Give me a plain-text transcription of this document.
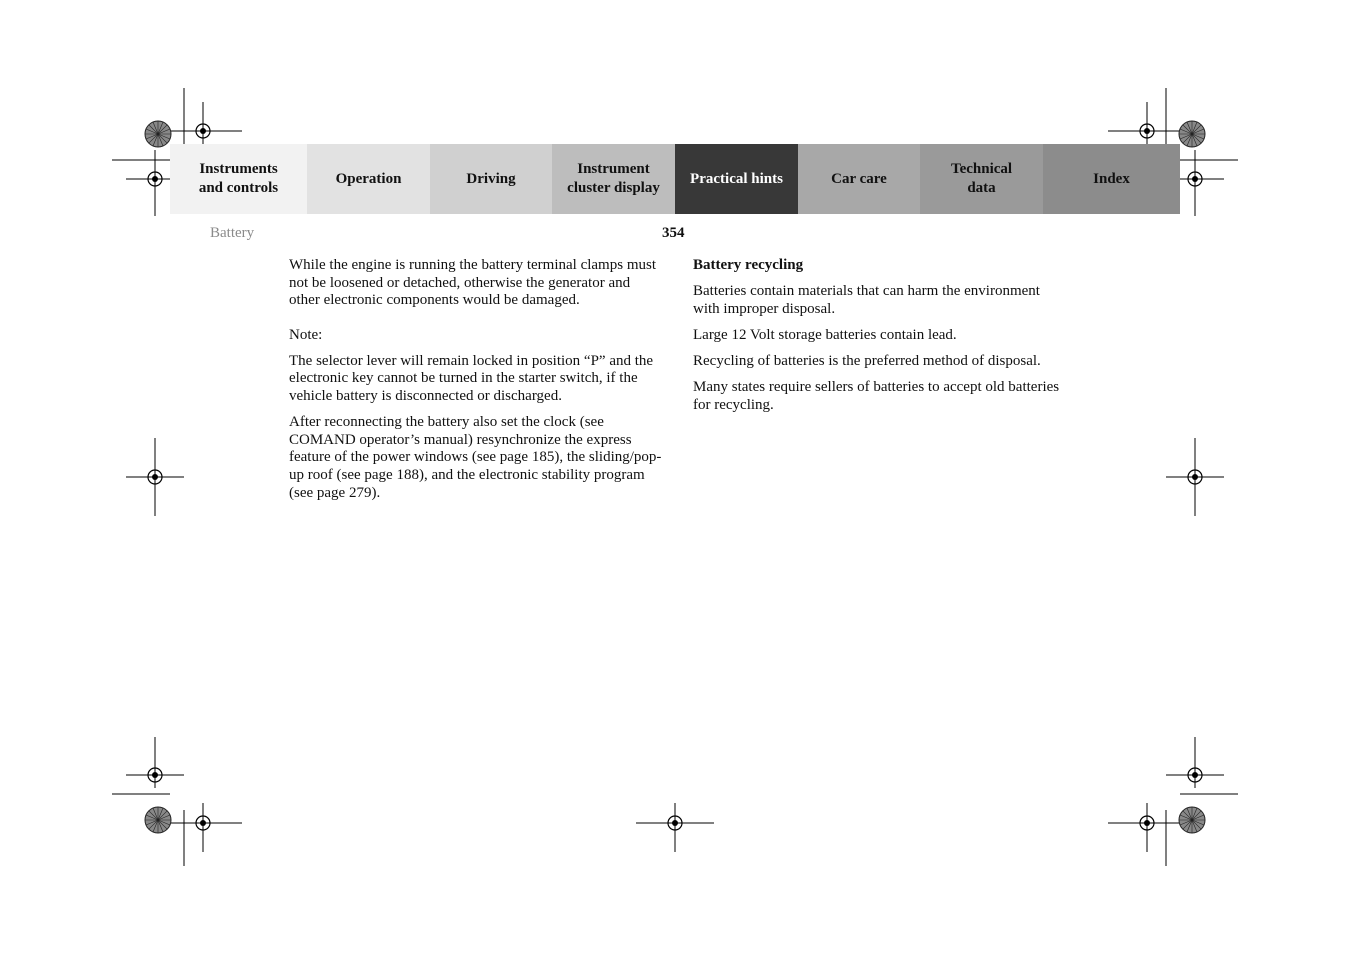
Instruments
and controls
Operation	Driving
Instrument
cluster display
Practical hints	Car care
Technical
data
Index
Battery	354

While the engine is running the battery terminal clamps must not be loosened or detached, otherwise the generator and other electronic components would be damaged.

Note:

The selector lever will remain locked in position “P” and the electronic key cannot be turned in the starter switch, if the vehicle battery is disconnected or discharged.

After reconnecting the battery also set the clock (see COMAND operator’s manual) resynchronize the express feature of the power windows (see page 185), the sliding/pop-up roof (see page 188), and the electronic stability program (see page 279).

Battery recycling

Batteries contain materials that can harm the environment with improper disposal.

Large 12 Volt storage batteries contain lead.

Recycling of batteries is the preferred method of disposal.

Many states require sellers of batteries to accept old batteries for recycling.
